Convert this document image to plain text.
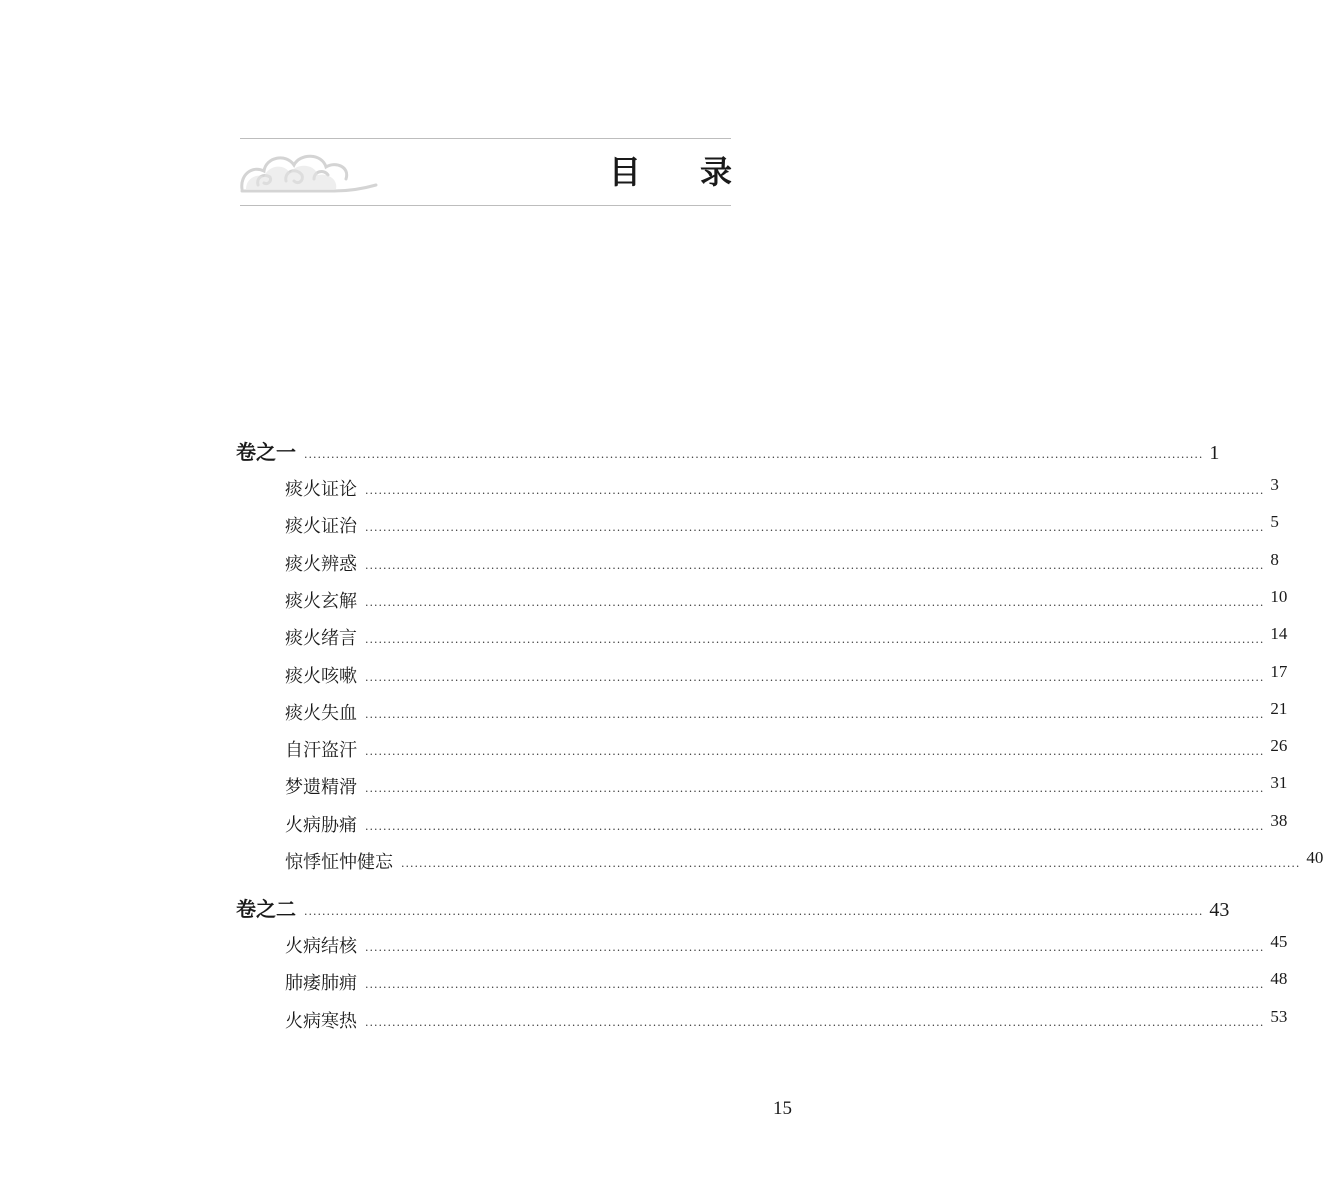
目 录
卷之一 ........................................................................................................................................................................................................ 1
痰火证论 ........................................................................................................................................................................................................ 3
痰火证治 ........................................................................................................................................................................................................ 5
痰火辨惑 ........................................................................................................................................................................................................ 8
痰火玄解 ........................................................................................................................................................................................................ 10
痰火绪言 ........................................................................................................................................................................................................ 14
痰火咳嗽 ........................................................................................................................................................................................................ 17
痰火失血 ........................................................................................................................................................................................................ 21
自汗盗汗 ........................................................................................................................................................................................................ 26
梦遗精滑 ........................................................................................................................................................................................................ 31
火病胁痛 ........................................................................................................................................................................................................ 38
惊悸怔忡健忘 ........................................................................................................................................................................................................ 40
卷之二 ........................................................................................................................................................................................................ 43
火病结核 ........................................................................................................................................................................................................ 45
肺痿肺痈 ........................................................................................................................................................................................................ 48
火病寒热 ........................................................................................................................................................................................................ 53
15
